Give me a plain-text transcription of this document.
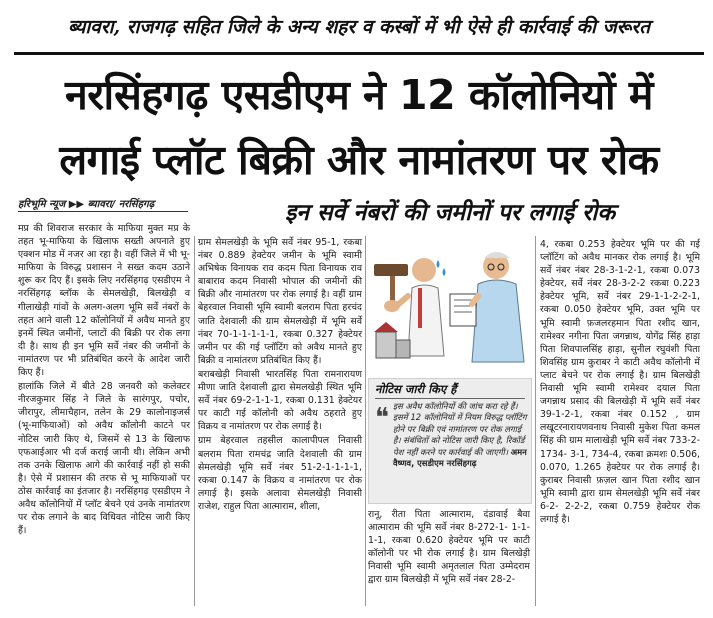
ब्यावरा, राजगढ़ सहित जिले के अन्य शहर व कस्बों में भी ऐसे ही कार्रवाई की जरूरत
नरसिंहगढ़ एसडीएम ने 12 कॉलोनियों में
लगाई प्लॉट बिक्री और नामांतरण पर रोक
हरिभूमि न्यूज ▶▶ ब्यावरा/ नरसिंहगढ़	इन सर्वे नंबरों की जमीनों पर लगाई रोक

मप्र की शिवराज सरकार के माफिया मुक्त मप्र के तहत भू-माफिया के खिलाफ सख्ती अपनाते हुए एक्शन मोड में नजर आ रहा है। वहीं जिले में भी भू-माफिया के विरुद्ध प्रशासन ने सख्त कदम उठाने शुरू कर दिए हैं। इसके लिए नरसिंहगढ़ एसडीएम ने नरसिंहगढ़ ब्लॉक के सेमलखेड़ी, बिलखेड़ी व गीलाखेड़ी गांवों के अलग-अलग भूमि सर्वे नंबरों के तहत आने वाली 12 कॉलोनियों में अवैध मानते हुए इनमें स्थित जमीनों, प्लाटों की बिक्री पर रोक लगा दी है। साथ ही इन भूमि सर्वे नंबर की जमीनों के नामांतरण पर भी प्रतिबंधित करने के आदेश जारी किए हैं।

हालांकि जिले में बीते 28 जनवरी को कलेक्टर नीरजकुमार सिंह ने जिले के सारंगपुर, पचोर, जीरापुर, लीमाचैहान, तलेन के 29 कालोनाइजर्स (भू-माफियाओं) को अवैध कॉलोनी काटने पर नोटिस जारी किए थे, जिसमें से 13 के खिलाफ एफआईआर भी दर्ज कराई जानी थी। लेकिन अभी तक उनके खिलाफ आगे की कार्रवाई नहीं हो सकी है। ऐसे में प्रशासन की तरफ से भू माफियाओं पर ठोस कार्रवाई का इंतजार है। नरसिंहगढ़ एसडीएम ने अवैध कॉलोनियों में प्लॉट बेचने एवं उनके नामांतरण पर रोक लगाने के बाद विधिवत नोटिस जारी किए हैं।

ग्राम सेमलखेड़ी के भूमि सर्वे नंबर 95-1, रकबा नंबर 0.889 हेक्टेयर जमीन के भूमि स्वामी अभिषेक विनायक राव कदम पिता विनायक राव बाबाराव कदम निवासी भोपाल की जमीनों की बिक्री और नामांतरण पर रोक लगाई है। वहीं ग्राम बेहरवाल निवासी भूमि स्वामी बलराम पिता हरचंद जाति देशवाली की ग्राम सेमलखेड़ी में भूमि सर्वे नंबर 70-1-1-1-1-1, रकबा 0.327 हेक्टेयर जमीन पर की गई प्लॉटिंग को अवैध मानते हुए बिक्री व नामांतरण प्रतिबंधित किए हैं।

बराबखेड़ी निवासी भारतसिंह पिता रामनारायण मीणा जाति देशवाली द्वारा सेमलखेड़ी स्थित भूमि सर्वे नंबर 69-2-1-1-1, रकबा 0.131 हेक्टेयर पर काटी गई कॉलोनी को अवैध ठहराते हुए विक्रय व नामांतरण पर रोक लगाई है।

ग्राम बेहरवाल तहसील कालापीपल निवासी बलराम पिता रामचंद्र जाति देशवाली की ग्राम सेमलखेड़ी भूमि सर्वे नंबर 51-2-1-1-1-1, रकबा 0.147 के विक्रय व नामांतरण पर रोक लगाई है। इसके अलावा सेमलखेड़ी निवासी राजेश, राहुल पिता आत्माराम, शीला,

नोटिस जारी किए हैं
❝ इस अवैध कॉलोनियों की जांच करा रहे हैं। इसमें 12 कॉलोनियों में नियम विरुद्ध प्लॉटिंग होने पर बिक्री एवं नामांतरण पर रोक लगाई है। संबंधितों को नोटिस जारी किए है, रिकॉर्ड पेश नहीं करने पर कार्रवाई की जाएगी। अमन वैष्णव, एसडीएम नरसिंहगढ़

रानू, रीता पिता आत्माराम, दंडावाई बैवा आत्माराम की भूमि सर्वे नंबर 8-272-1- 1-1-1-1, रकबा 0.620 हेक्टेयर भूमि पर काटी कॉलोनी पर भी रोक लगाई है। ग्राम बिलखेड़ी निवासी भूमि स्वामी अमृतलाल पिता उम्मेदराम द्वारा ग्राम बिलखेड़ी में भूमि सर्वे नंबर 28-2-

4, रकबा 0.253 हेक्टेयर भूमि पर की गई प्लॉटिंग को अवैध मानकर रोक लगाई है। भूमि सर्वे नंबर नंबर 28-3-1-2-1, रकबा 0.073 हेक्टेयर, सर्वे नंबर 28-3-2-2 रकबा 0.223 हेक्टेयर भूमि, सर्वे नंबर 29-1-1-2-2-1, रकबा 0.050 हेक्टेयर भूमि, उक्त भूमि पर भूमि स्वामी फ़जलरहमान पिता रशीद खान, रामेश्वर नगीना पिता जगन्नाथ, योगेंद्र सिंह हाड़ा पिता शिवपालसिंह हाड़ा, सुनील रघुवंशी पिता शिवसिंह ग्राम कुराबर ने काटी अवैध कॉलोनी में प्लाट बेचने पर रोक लगाई है। ग्राम बिलखेड़ी निवासी भूमि स्वामी रामेश्वर दयाल पिता जगन्नाथ प्रसाद की बिलखेड़ी में भूमि सर्वे नंबर 39-1-2-1, रकबा नंबर 0.152 , ग्राम लखूटरनारायणवनाथ निवासी मुकेश पिता कमल सिंह की ग्राम मालाखेड़ी भूमि सर्वे नंबर 733-2-1734- 3-1, 734-4, रकबा क्रमशः 0.506, 0.070, 1.265 हेक्टेयर पर रोक लगाई है। कुराबर निवासी फ़ज़ल खान पिता रशीद खान भूमि स्वामी द्वारा ग्राम सेमलखेड़ी भूमि सर्वे नंबर 6-2- 2-2-2, रकबा 0.759 हेक्टेयर रोक लगाई है।
